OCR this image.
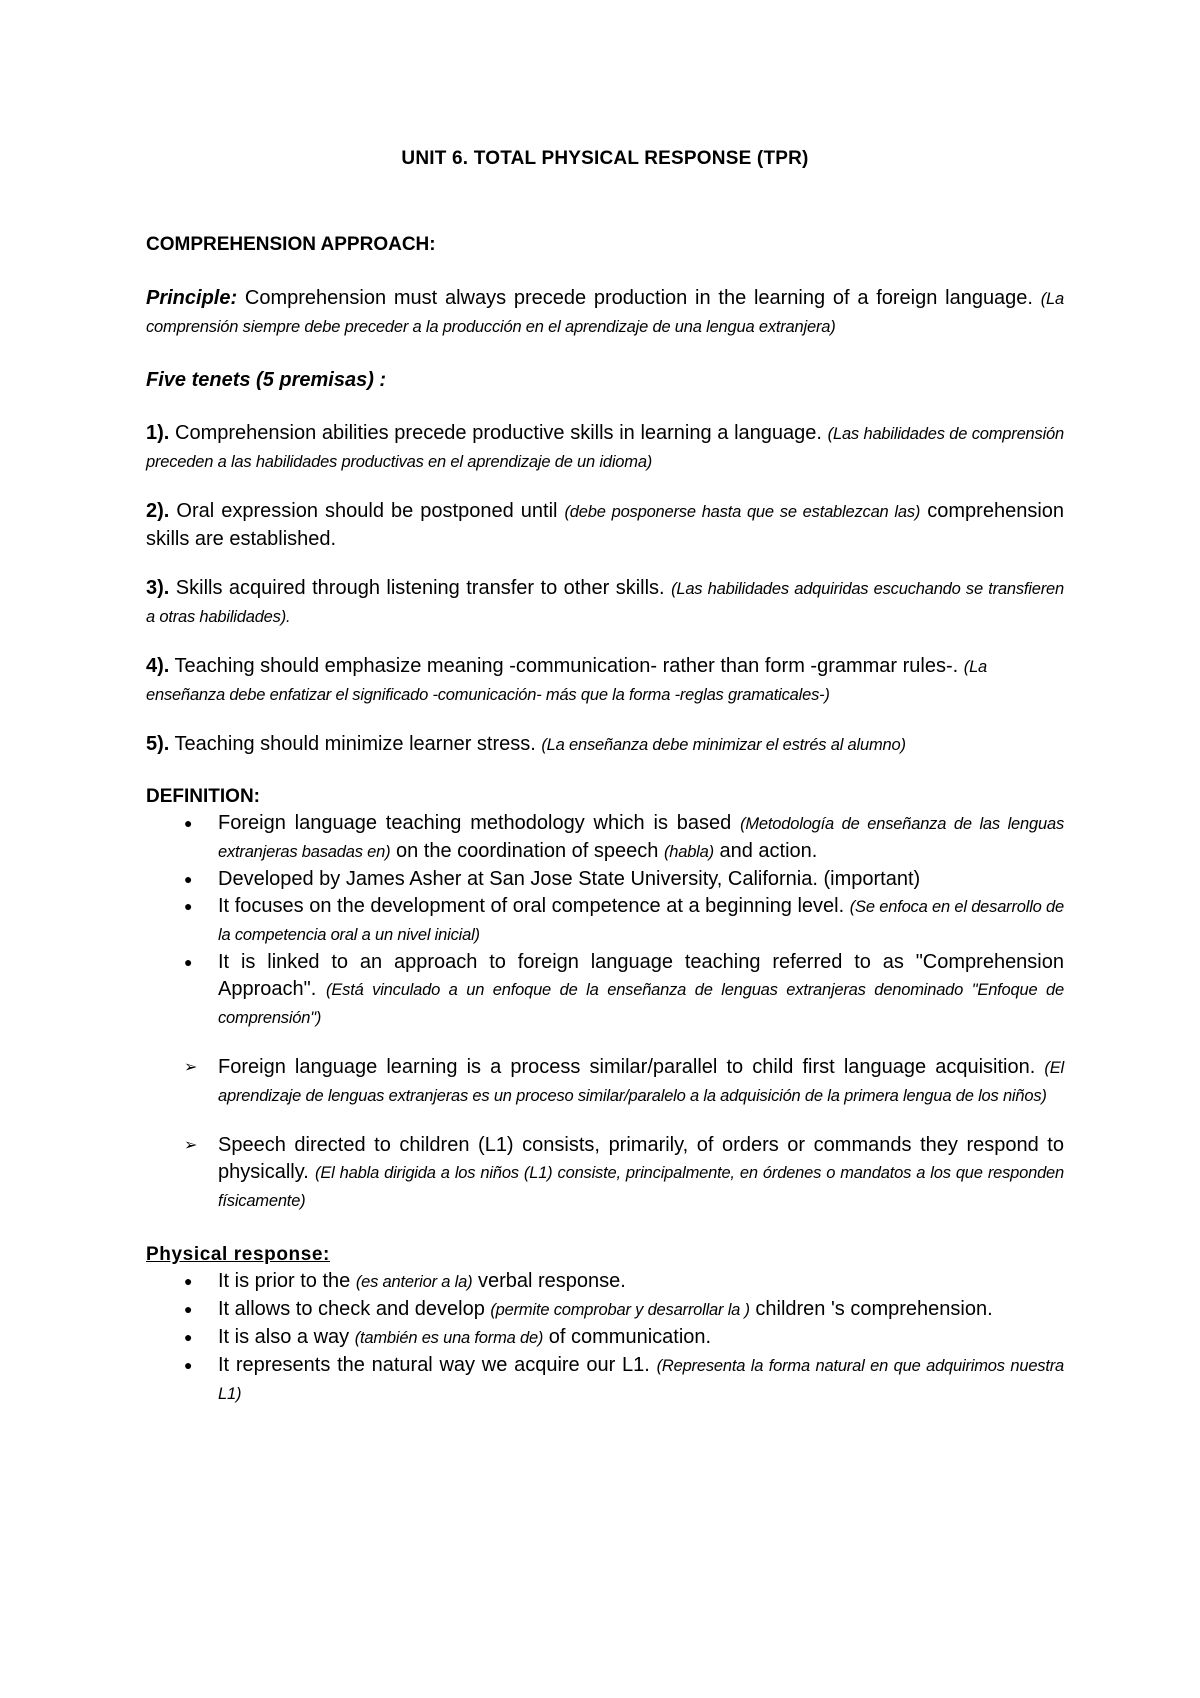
UNIT 6. TOTAL PHYSICAL RESPONSE (TPR)
COMPREHENSION APPROACH:

Principle: Comprehension must always precede production in the learning of a foreign language. (La comprensión siempre debe preceder a la producción en el aprendizaje de una lengua extranjera)

Five tenets (5 premisas) :

1). Comprehension abilities precede productive skills in learning a language. (Las habilidades de comprensión preceden a las habilidades productivas en el aprendizaje de un idioma)

2). Oral expression should be postponed until (debe posponerse hasta que se establezcan las) comprehension skills are established.

3). Skills acquired through listening transfer to other skills. (Las habilidades adquiridas escuchando se transfieren a otras habilidades).

4). Teaching should emphasize meaning -communication- rather than form -grammar rules-. (La enseñanza debe enfatizar el significado -comunicación- más que la forma -reglas gramaticales-)

5). Teaching should minimize learner stress. (La enseñanza debe minimizar el estrés al alumno)

DEFINITION:
● Foreign language teaching methodology which is based (Metodología de enseñanza de las lenguas extranjeras basadas en) on the coordination of speech (habla) and action.
● Developed by James Asher at San Jose State University, California. (important)
● It focuses on the development of oral competence at a beginning level. (Se enfoca en el desarrollo de la competencia oral a un nivel inicial)
● It is linked to an approach to foreign language teaching referred to as "Comprehension Approach". (Está vinculado a un enfoque de la enseñanza de lenguas extranjeras denominado "Enfoque de comprensión")
➢ Foreign language learning is a process similar/parallel to child first language acquisition. (El aprendizaje de lenguas extranjeras es un proceso similar/paralelo a la adquisición de la primera lengua de los niños)
➢ Speech directed to children (L1) consists, primarily, of orders or commands they respond to physically. (El habla dirigida a los niños (L1) consiste, principalmente, en órdenes o mandatos a los que responden físicamente)
Physical response:
● It is prior to the (es anterior a la) verbal response.
● It allows to check and develop (permite comprobar y desarrollar la ) children 's comprehension.
● It is also a way (también es una forma de) of communication.
● It represents the natural way we acquire our L1. (Representa la forma natural en que adquirimos nuestra L1)
